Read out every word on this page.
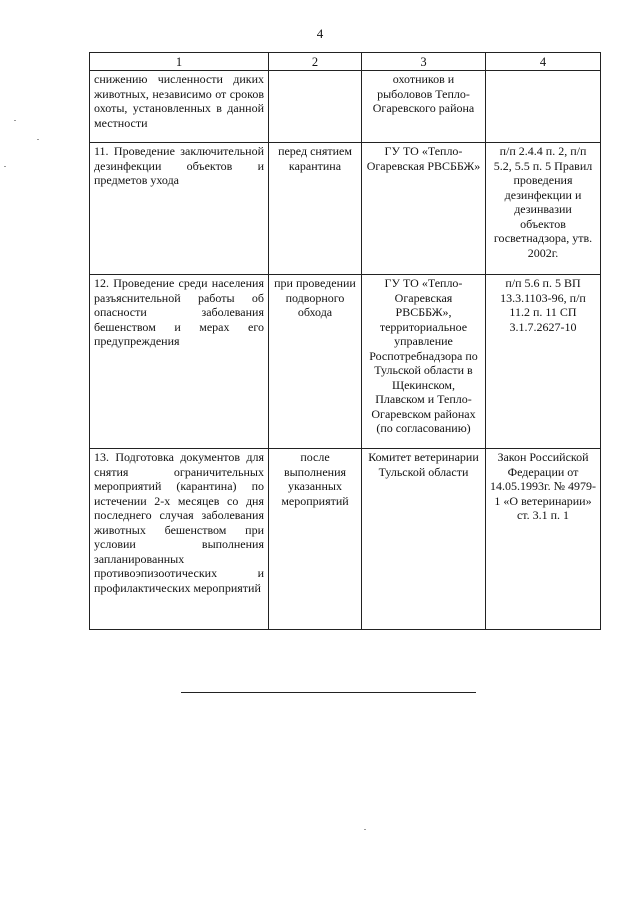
4
1	2	3	4
снижению численности диких животных, независимо от сроков охоты, установленных в данной местности		охотников и рыболовов Тепло-Огаревского района	
11. Проведение заключительной дезинфекции объектов и предметов ухода	перед снятием карантина	ГУ ТО «Тепло-Огаревская РВСББЖ»	п/п 2.4.4 п. 2, п/п 5.2, 5.5 п. 5 Правил проведения дезинфекции и дезинвазии объектов госветнадзора, утв. 2002г.
12. Проведение среди населения разъяснительной работы об опасности заболевания бешенством и мерах его предупреждения	при проведении подворного обхода	ГУ ТО «Тепло-Огаревская РВСББЖ», территориальное управление Роспотребнадзора по Тульской области в Щекинском, Плавском и Тепло-Огаревском районах (по согласованию)	п/п 5.6 п. 5 ВП 13.3.1103-96, п/п 11.2 п. 11 СП 3.1.7.2627-10
13. Подготовка документов для снятия ограничительных мероприятий (карантина) по истечении 2-х месяцев со дня последнего случая заболевания животных бешенством при условии выполнения запланированных противоэпизоотических и профилактических мероприятий	после выполнения указанных мероприятий	Комитет ветеринарии Тульской области	Закон Российской Федерации от 14.05.1993г. № 4979-1 «О ветеринарии» ст. 3.1 п. 1
